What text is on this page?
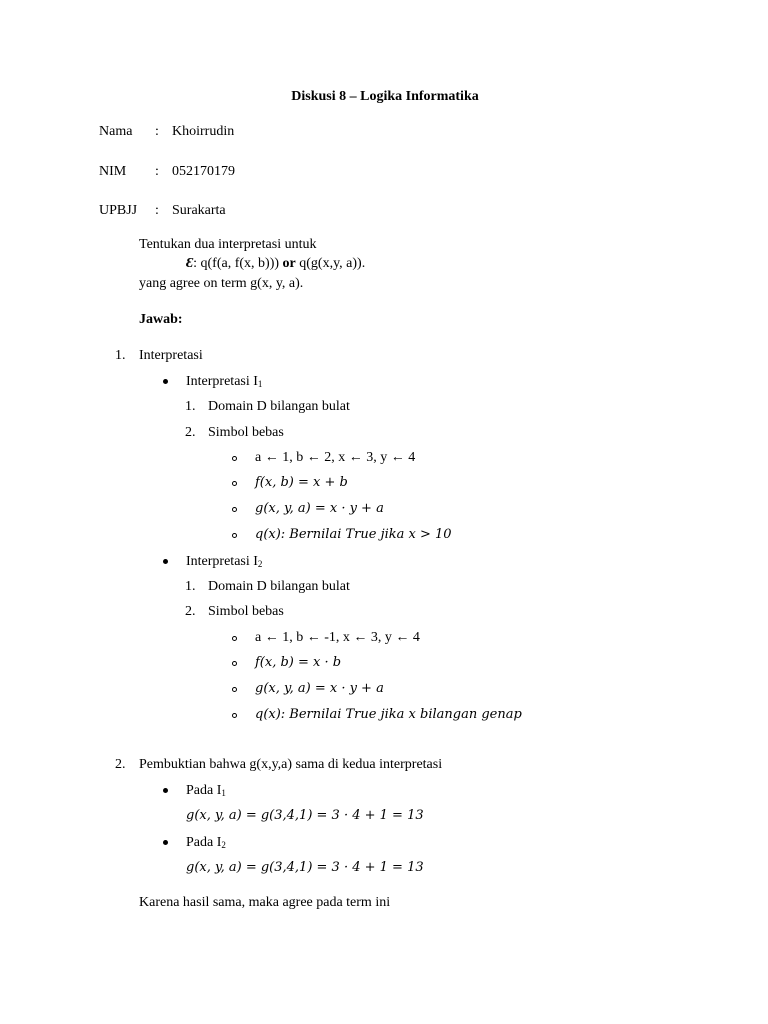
Diskusi 8 – Logika Informatika
Nama : Khoirrudin
NIM : 052170179
UPBJJ : Surakarta
Tentukan dua interpretasi untuk
Ɛ: q(f(a, f(x, b))) or q(g(x,y, a)).
yang agree on term g(x, y, a).
Jawab:
1. Interpretasi
Interpretasi $I_1$
1. Domain D bilangan bulat
2. Simbol bebas
a ← 1, b ← 2, x ← 3, y ← 4
f(x, b) = x + b
g(x, y, a) = x · y + a
q(x): Bernilai True jika x > 10
Interpretasi $I_2$
1. Domain D bilangan bulat
2. Simbol bebas
a ← 1, b ← -1, x ← 3, y ← 4
f(x, b) = x · b
g(x, y, a) = x · y + a
q(x): Bernilai True jika x bilangan genap
2. Pembuktian bahwa g(x,y,a) sama di kedua interpretasi
Pada $I_1$
g(x, y, a) = g(3,4,1) = 3 · 4 + 1 = 13
Pada $I_2$
g(x, y, a) = g(3,4,1) = 3 · 4 + 1 = 13
Karena hasil sama, maka agree pada term ini
